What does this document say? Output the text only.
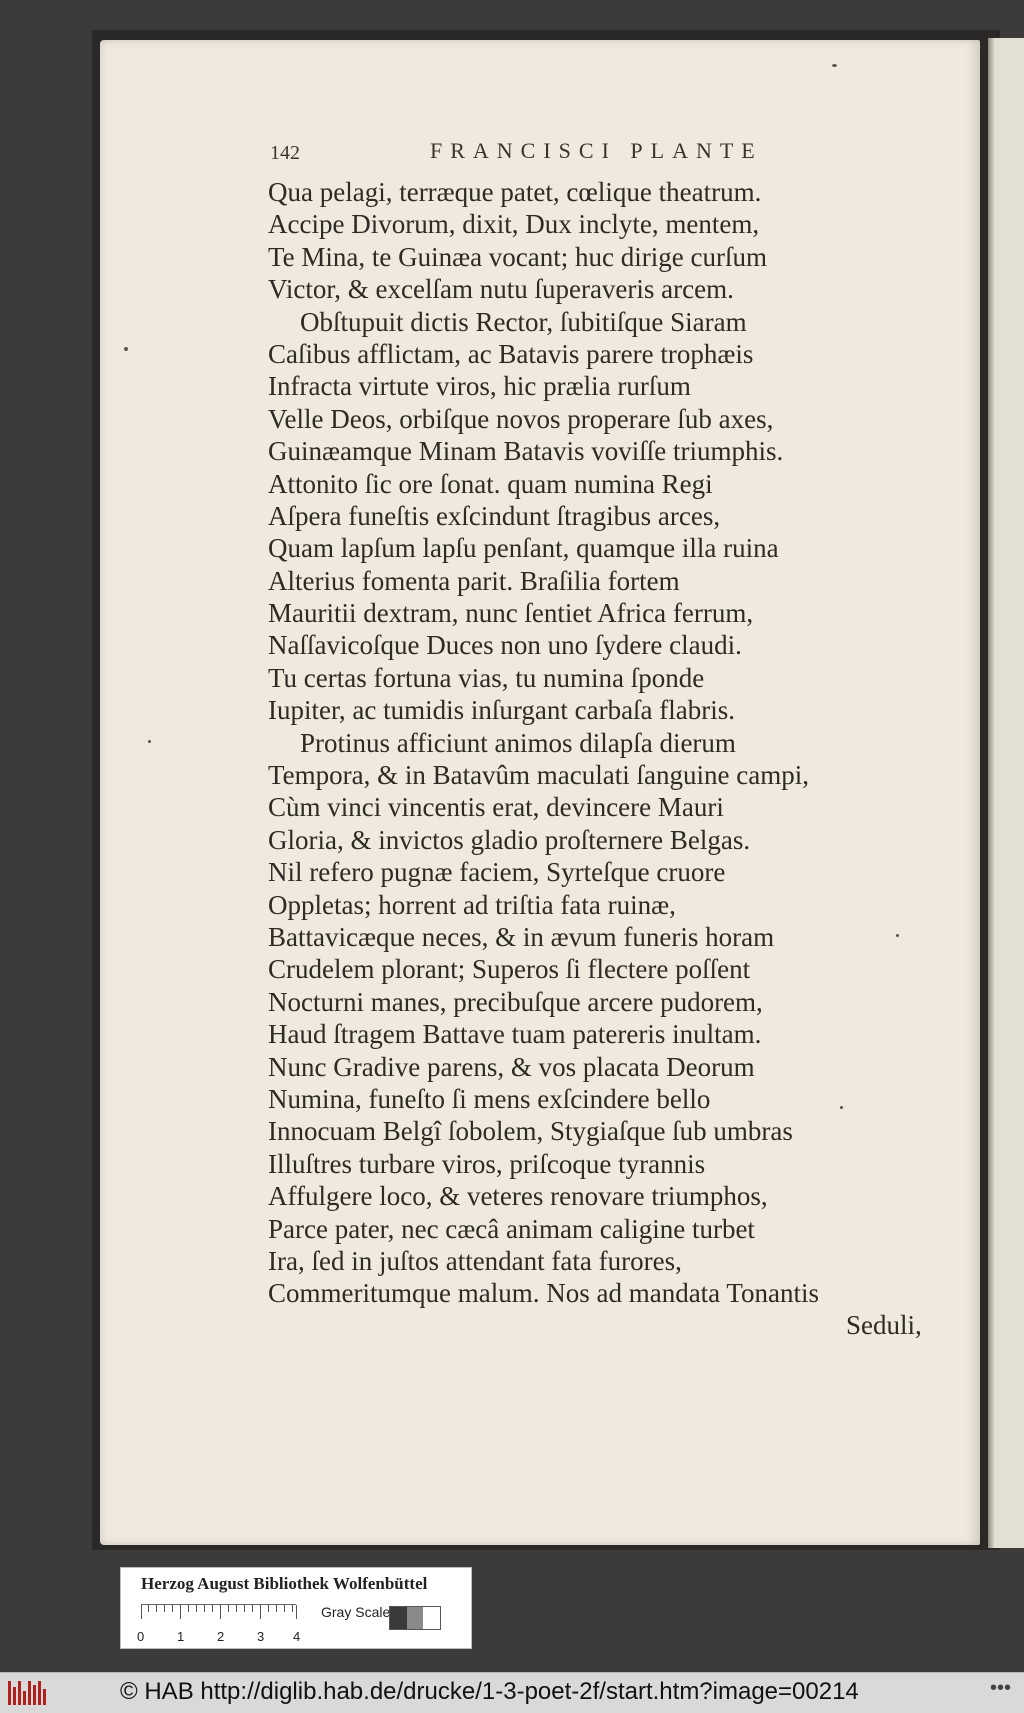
142	FRANCISCI PLANTE
Qua pelagi, terræque patet, cœlique theatrum.
Accipe Divorum, dixit, Dux inclyte, mentem,
Te Mina, te Guinæa vocant; huc dirige curſum
Victor, & excelſam nutu ſuperaveris arcem.
Obſtupuit dictis Rector, ſubitiſque Siaram
Caſibus afflictam, ac Batavis parere trophæis
Infracta virtute viros, hic prælia rurſum
Velle Deos, orbiſque novos properare ſub axes,
Guinæamque Minam Batavis voviſſe triumphis.
Attonito ſic ore ſonat. quam numina Regi
Aſpera funeſtis exſcindunt ſtragibus arces,
Quam lapſum lapſu penſant, quamque illa ruina
Alterius fomenta parit. Braſilia fortem
Mauritii dextram, nunc ſentiet Africa ferrum,
Naſſavicoſque Duces non uno ſydere claudi.
Tu certas fortuna vias, tu numina ſponde
Iupiter, ac tumidis inſurgant carbaſa flabris.
Protinus afficiunt animos dilapſa dierum
Tempora, & in Batavûm maculati ſanguine campi,
Cùm vinci vincentis erat, devincere Mauri
Gloria, & invictos gladio proſternere Belgas.
Nil refero pugnæ faciem, Syrteſque cruore
Oppletas; horrent ad triſtia fata ruinæ,
Battavicæque neces, & in ævum funeris horam
Crudelem plorant; Superos ſi flectere poſſent
Nocturni manes, precibuſque arcere pudorem,
Haud ſtragem Battave tuam patereris inultam.
Nunc Gradive parens, & vos placata Deorum
Numina, funeſto ſi mens exſcindere bello
Innocuam Belgî ſobolem, Stygiaſque ſub umbras
Illuſtres turbare viros, priſcoque tyrannis
Affulgere loco, & veteres renovare triumphos,
Parce pater, nec cæcâ animam caligine turbet
Ira, ſed in juſtos attendant fata furores,
Commeritumque malum. Nos ad mandata Tonantis
Seduli,
Herzog August Bibliothek Wolfenbüttel
0	1	2	3 4
Gray Scale
© HAB http://diglib.hab.de/drucke/1-3-poet-2f/start.htm?image=00214	•••
